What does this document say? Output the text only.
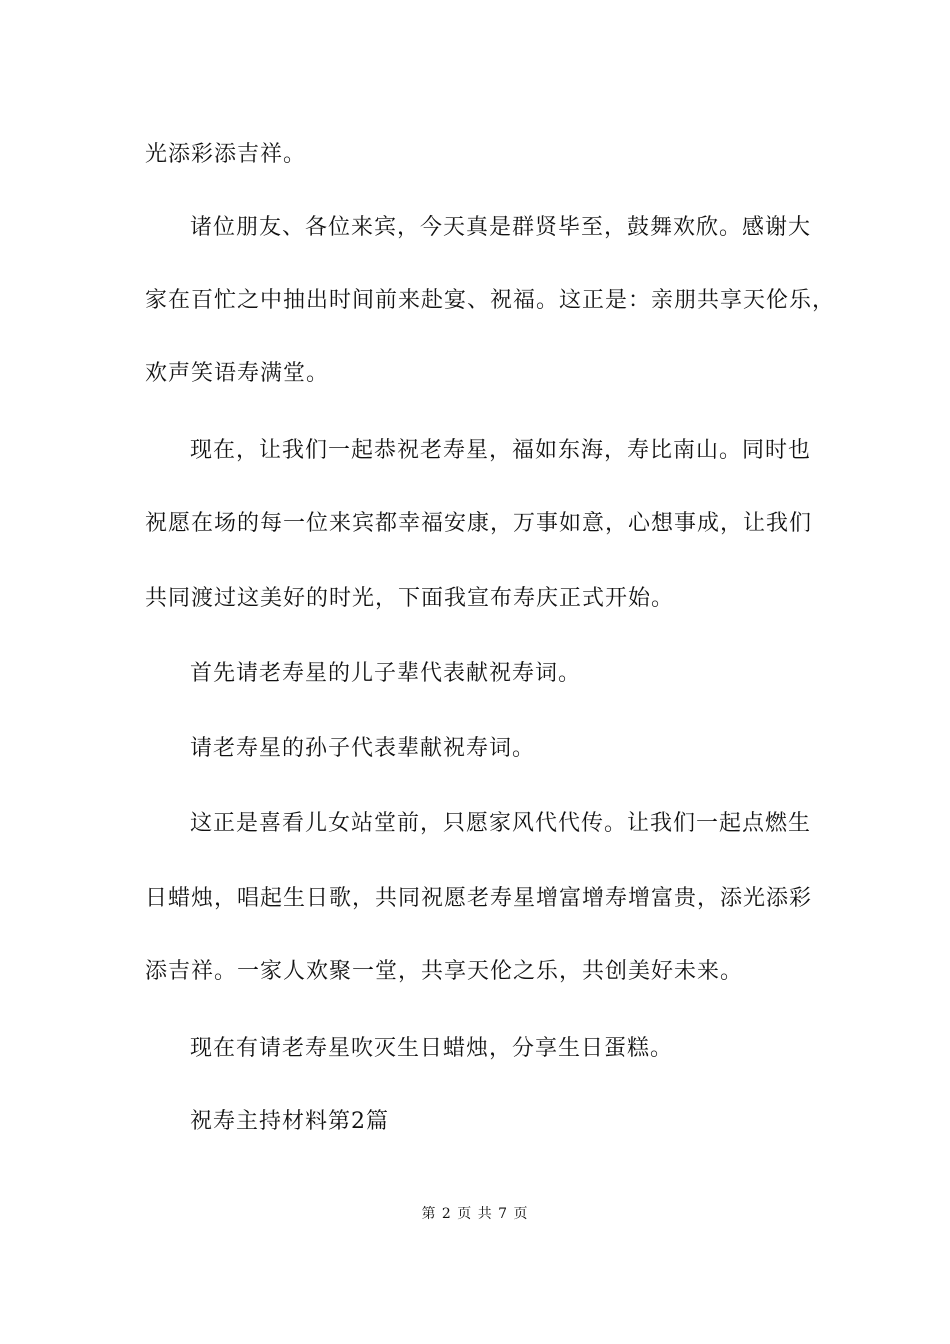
光添彩添吉祥。
诸位朋友、各位来宾，今天真是群贤毕至，鼓舞欢欣。感谢大
家在百忙之中抽出时间前来赴宴、祝福。这正是：亲朋共享天伦乐，
欢声笑语寿满堂。
现在，让我们一起恭祝老寿星，福如东海，寿比南山。同时也
祝愿在场的每一位来宾都幸福安康，万事如意，心想事成，让我们
共同渡过这美好的时光，下面我宣布寿庆正式开始。
首先请老寿星的儿子辈代表献祝寿词。
请老寿星的孙子代表辈献祝寿词。
这正是喜看儿女站堂前，只愿家风代代传。让我们一起点燃生
日蜡烛，唱起生日歌，共同祝愿老寿星增富增寿增富贵，添光添彩
添吉祥。一家人欢聚一堂，共享天伦之乐，共创美好未来。
现在有请老寿星吹灭生日蜡烛，分享生日蛋糕。
祝寿主持材料第2篇
第 2 页 共 7 页
